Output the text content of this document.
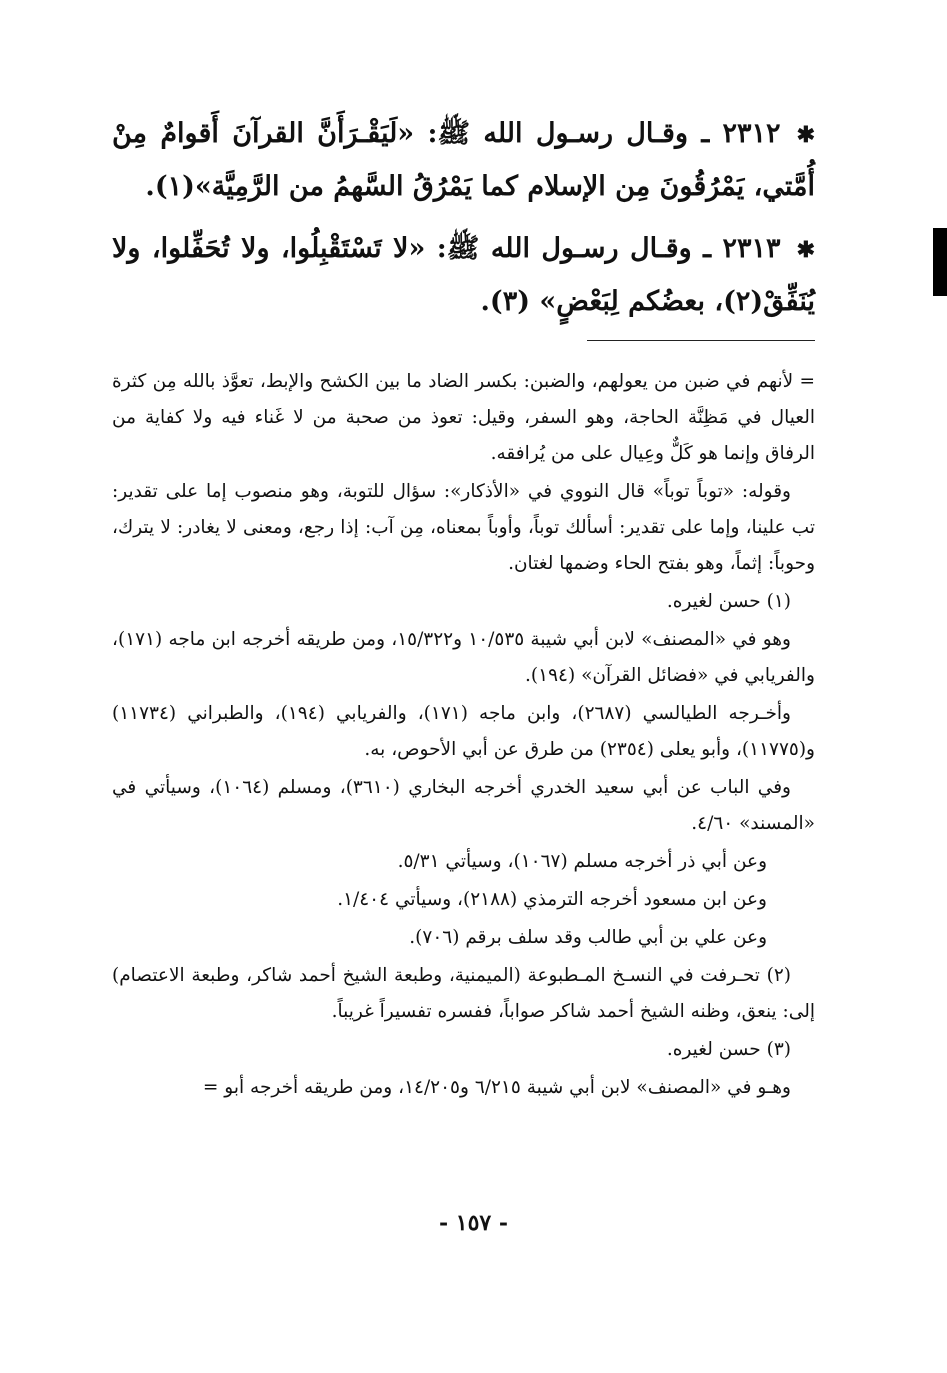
✱٢٣١٢ ـ وقـال رسـول الله ﷺ: «لَيَقْـرَأَنَّ القرآنَ أَقوامٌ مِنْ أُمَّتي، يَمْرُقُونَ مِن الإسلام كما يَمْرُقُ السَّهمُ من الرَّمِيَّة»(١).

✱٢٣١٣ ـ وقـال رسـول الله ﷺ: «لا تَسْتَقْبِلُوا، ولا تُحَفِّلوا، ولا يُنَفِّقْ(٢)، بعضُكم لِبَعْضٍ» (٣).

= لأنهم في ضبن من يعولهم، والضبن: بكسر الضاد ما بين الكشح والإبط، تعوَّذ بالله مِن كثرة العيال في مَظِنَّة الحاجة، وهو السفر، وقيل: تعوذ من صحبة من لا غَناء فيه ولا كفاية من الرفاق وإنما هو كَلٌّ وعِيال على من يُرافقه.

وقوله: «توباً توباً» قال النووي في «الأذكار»: سؤال للتوبة، وهو منصوب إما على تقدير: تب علينا، وإما على تقدير: أسألك توباً، وأوباً بمعناه، مِن آب: إذا رجع، ومعنى لا يغادر: لا يترك، وحوباً: إثماً، وهو بفتح الحاء وضمها لغتان.

(١) حسن لغيره.

وهو في «المصنف» لابن أبي شيبة ١٠/٥٣٥ و١٥/٣٢٢، ومن طريقه أخرجه ابن ماجه (١٧١)، والفريابي في «فضائل القرآن» (١٩٤).

وأخـرجه الطيالسي (٢٦٨٧)، وابن ماجه (١٧١)، والفريابي (١٩٤)، والطبراني (١١٧٣٤) و(١١٧٧٥)، وأبو يعلى (٢٣٥٤) من طرق عن أبي الأحوص، به.

وفي الباب عن أبي سعيد الخدري أخرجه البخاري (٣٦١٠)، ومسلم (١٠٦٤)، وسيأتي في «المسند» ٤/٦٠.

وعن أبي ذر أخرجه مسلم (١٠٦٧)، وسيأتي ٥/٣١.

وعن ابن مسعود أخرجه الترمذي (٢١٨٨)، وسيأتي ١/٤٠٤.

وعن علي بن أبي طالب وقد سلف برقم (٧٠٦).

(٢) تحـرفت في النسـخ المـطبوعة (الميمنية، وطبعة الشيخ أحمد شاكر، وطبعة الاعتصام) إلى: ينعق، وظنه الشيخ أحمد شاكر صواباً، ففسره تفسيراً غريباً.

(٣) حسن لغيره.

وهـو في «المصنف» لابن أبي شيبة ٦/٢١٥ و١٤/٢٠٥، ومن طريقه أخرجه أبو =

- ١٥٧ -
